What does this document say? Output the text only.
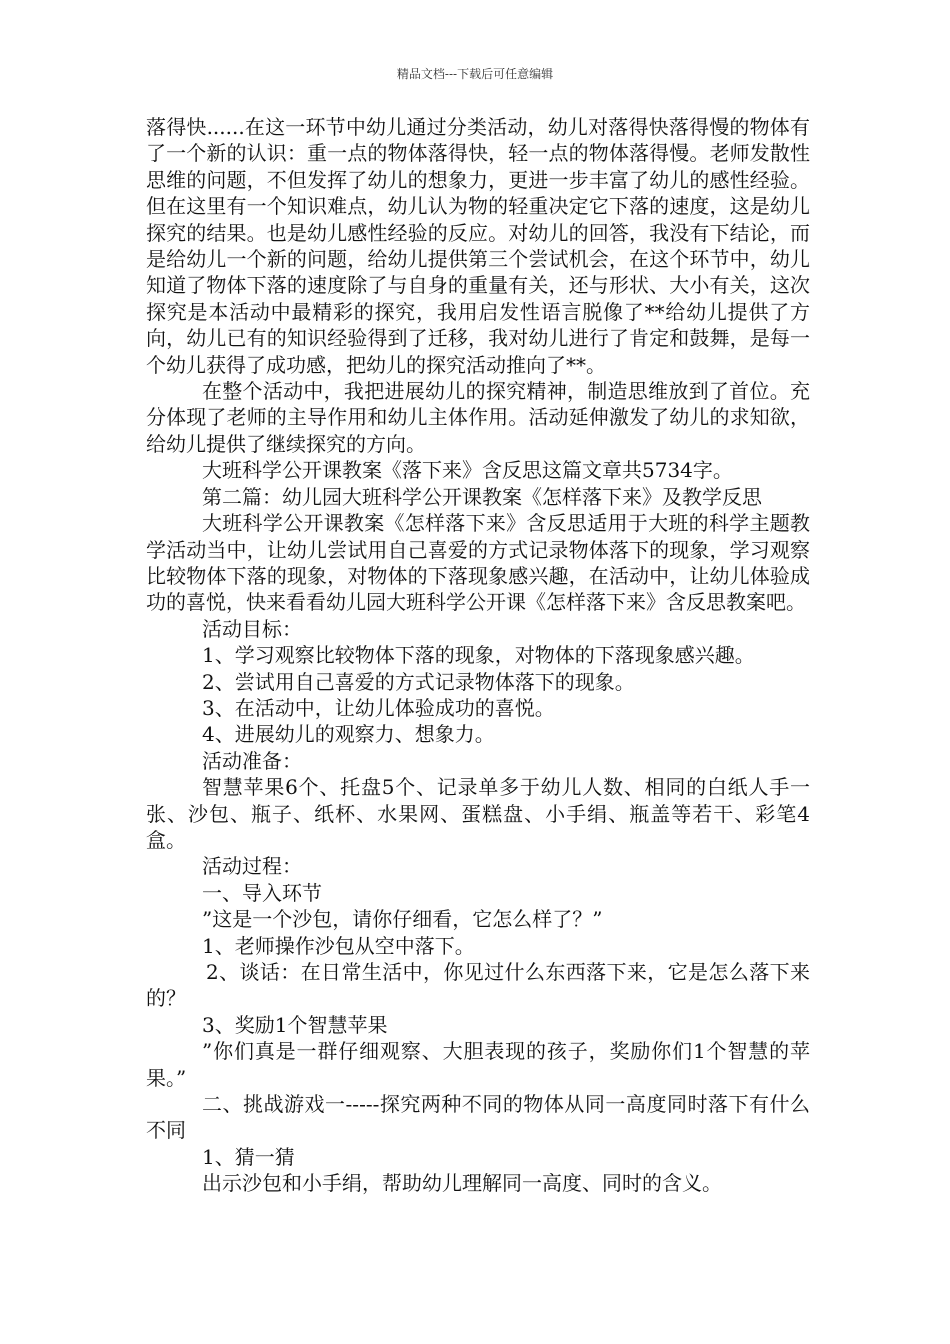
精品文档---下载后可任意编辑

落得快......在这一环节中幼儿通过分类活动，幼儿对落得快落得慢的物体有了一个新的认识：重一点的物体落得快，轻一点的物体落得慢。老师发散性思维的问题，不但发挥了幼儿的想象力，更进一步丰富了幼儿的感性经验。但在这里有一个知识难点，幼儿认为物的轻重决定它下落的速度，这是幼儿探究的结果。也是幼儿感性经验的反应。对幼儿的回答，我没有下结论，而是给幼儿一个新的问题，给幼儿提供第三个尝试机会，在这个环节中，幼儿知道了物体下落的速度除了与自身的重量有关，还与形状、大小有关，这次探究是本活动中最精彩的探究，我用启发性语言脱像了**给幼儿提供了方向，幼儿已有的知识经验得到了迁移，我对幼儿进行了肯定和鼓舞，是每一个幼儿获得了成功感，把幼儿的探究活动推向了**。

在整个活动中，我把进展幼儿的探究精神，制造思维放到了首位。充分体现了老师的主导作用和幼儿主体作用。活动延伸激发了幼儿的求知欲，给幼儿提供了继续探究的方向。

大班科学公开课教案《落下来》含反思这篇文章共5734字。

第二篇：幼儿园大班科学公开课教案《怎样落下来》及教学反思

大班科学公开课教案《怎样落下来》含反思适用于大班的科学主题教学活动当中，让幼儿尝试用自己喜爱的方式记录物体落下的现象，学习观察比较物体下落的现象，对物体的下落现象感兴趣，在活动中，让幼儿体验成功的喜悦，快来看看幼儿园大班科学公开课《怎样落下来》含反思教案吧。

活动目标：

1、学习观察比较物体下落的现象，对物体的下落现象感兴趣。

2、尝试用自己喜爱的方式记录物体落下的现象。

3、在活动中，让幼儿体验成功的喜悦。

4、进展幼儿的观察力、想象力。

活动准备：

智慧苹果6个、托盘5个、记录单多于幼儿人数、相同的白纸人手一张、沙包、瓶子、纸杯、水果网、蛋糕盘、小手绢、瓶盖等若干、彩笔4盒。

活动过程：

一、导入环节

”这是一个沙包，请你仔细看，它怎么样了？”

1、老师操作沙包从空中落下。

2、谈话：在日常生活中，你见过什么东西落下来，它是怎么落下来的？

3、奖励1个智慧苹果

”你们真是一群仔细观察、大胆表现的孩子，奖励你们1个智慧的苹果。”

二、挑战游戏一-----探究两种不同的物体从同一高度同时落下有什么不同

1、猜一猜

出示沙包和小手绢，帮助幼儿理解同一高度、同时的含义。
